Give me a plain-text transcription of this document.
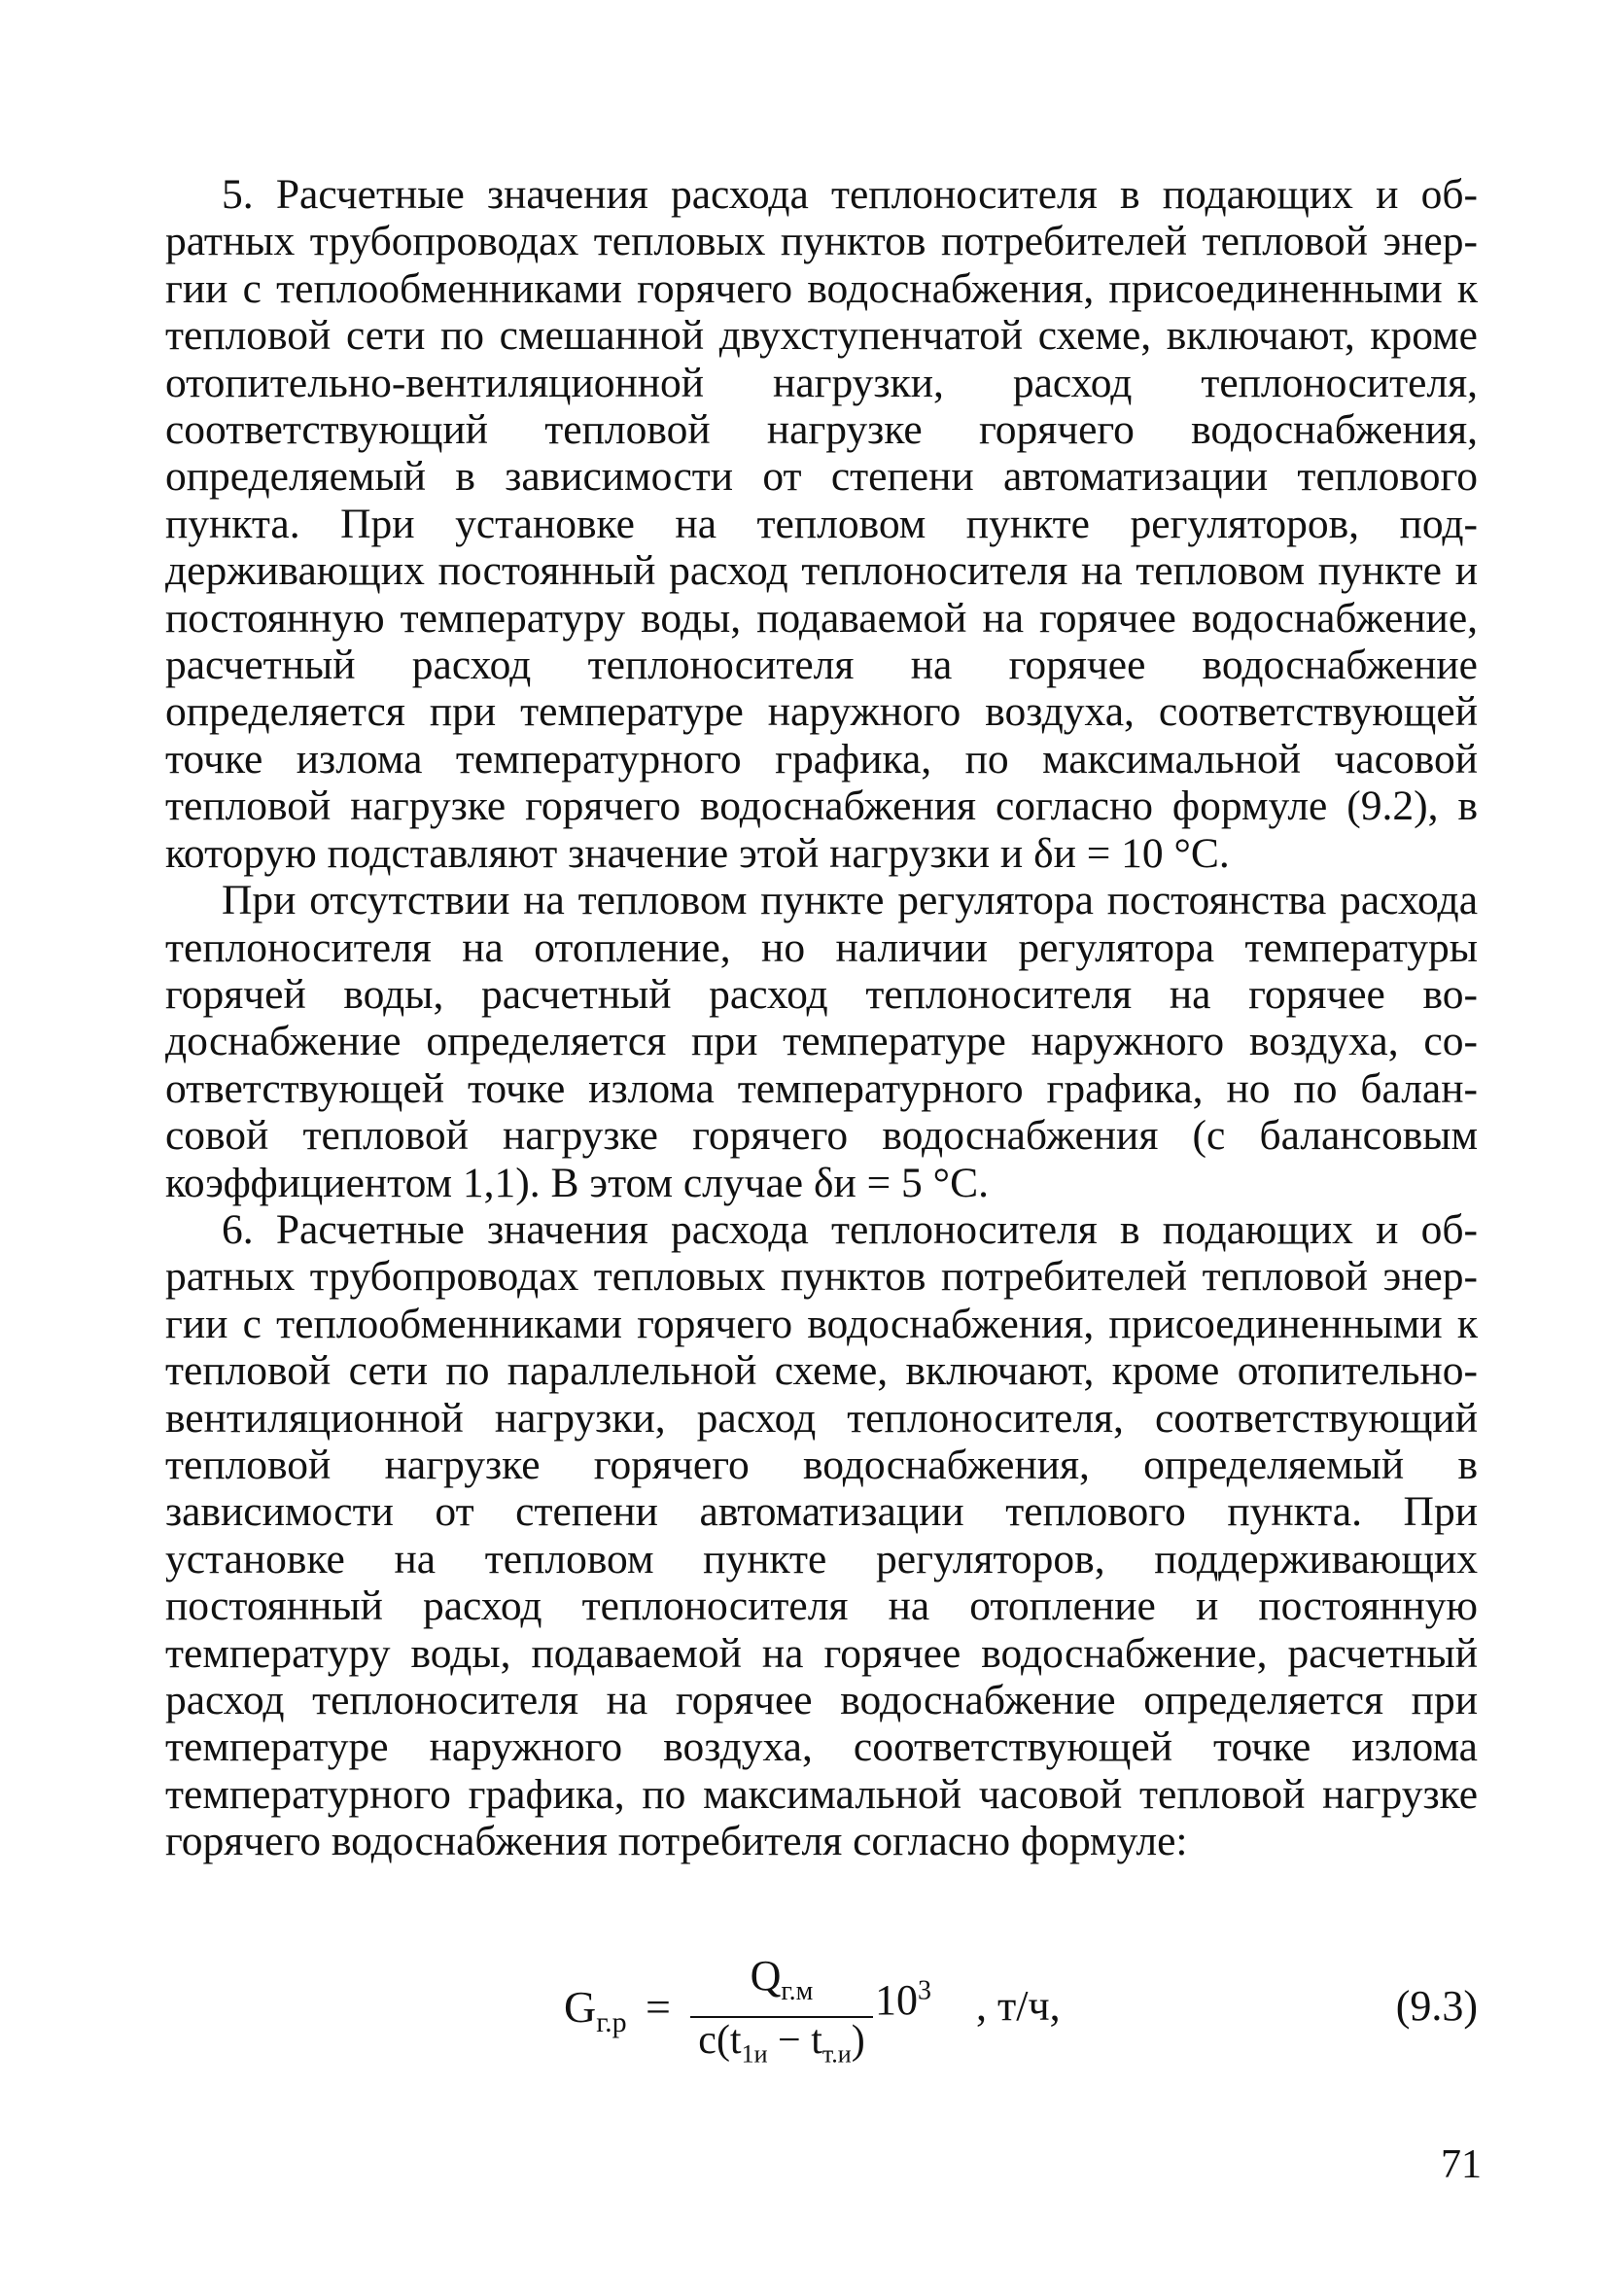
5. Расчетные значения расхода теплоносителя в подающих и обратных трубопроводах тепловых пунктов потребителей тепловой энергии с теплообменниками горячего водоснабжения, присоединенными к тепловой сети по смешанной двухступенчатой схеме, включают, кроме отопительно-вентиляционной нагрузки, расход теплоносителя, соответствующий тепловой нагрузке горячего водоснабжения, определяемый в зависимости от степени автоматизации теплового пункта. При установке на тепловом пункте регуляторов, поддерживающих постоянный расход теплоносителя на тепловом пункте и постоянную температуру воды, подаваемой на горячее водоснабжение, расчетный расход теплоносителя на горячее водоснабжение определяется при температуре наружного воздуха, соответствующей точке излома температурного графика, по максимальной часовой тепловой нагрузке горячего водоснабжения согласно формуле (9.2), в которую подставляют значение этой нагрузки и δи = 10 °С.

При отсутствии на тепловом пункте регулятора постоянства расхода теплоносителя на отопление, но наличии регулятора температуры горячей воды, расчетный расход теплоносителя на горячее водоснабжение определяется при температуре наружного воздуха, соответствующей точке излома температурного графика, но по балансовой тепловой нагрузке горячего водоснабжения (с балансовым коэффициентом 1,1). В этом случае δи = 5 °С.

6. Расчетные значения расхода теплоносителя в подающих и обратных трубопроводах тепловых пунктов потребителей тепловой энергии с теплообменниками горячего водоснабжения, присоединенными к тепловой сети по параллельной схеме, включают, кроме отопительно-вентиляционной нагрузки, расход теплоносителя, соответствующий тепловой нагрузке горячего водоснабжения, определяемый в зависимости от степени автоматизации теплового пункта. При установке на тепловом пункте регуляторов, поддерживающих постоянный расход теплоносителя на отопление и постоянную температуру воды, подаваемой на горячее водоснабжение, расчетный расход теплоносителя на горячее водоснабжение определяется при температуре наружного воздуха, соответствующей точке излома температурного графика, по максимальной часовой тепловой нагрузке горячего водоснабжения потребителя согласно формуле:

$G_{г.р}$ =
$Q_{г.м}$
$c(t_{1и} - t_{т.и})$
$10^3$ , т/ч,	(9.3)
71
